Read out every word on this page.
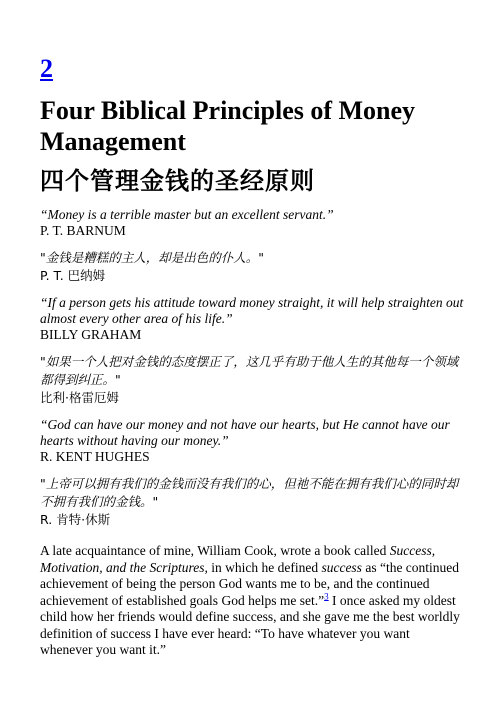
2
Four Biblical Principles of Money Management
四个管理金钱的圣经原则
“Money is a terrible master but an excellent servant.”
P. T. BARNUM
"金钱是糟糕的主人，却是出色的仆人。"
P. T. 巴纳姆
“If a person gets his attitude toward money straight, it will help straighten out almost every other area of his life.”
BILLY GRAHAM
"如果一个人把对金钱的态度摆正了，这几乎有助于他人生的其他每一个领域都得到纠正。"
比利·格雷厄姆
“God can have our money and not have our hearts, but He cannot have our hearts without having our money.”
R. KENT HUGHES
"上帝可以拥有我们的金钱而没有我们的心，但祂不能在拥有我们心的同时却不拥有我们的金钱。"
R. 肯特·休斯

A late acquaintance of mine, William Cook, wrote a book called Success, Motivation, and the Scriptures, in which he defined success as “the continued achievement of being the person God wants me to be, and the continued achievement of established goals God helps me set.”$^3$ I once asked my oldest child how her friends would define success, and she gave me the best worldly definition of success I have ever heard: “To have whatever you want whenever you want it.”
